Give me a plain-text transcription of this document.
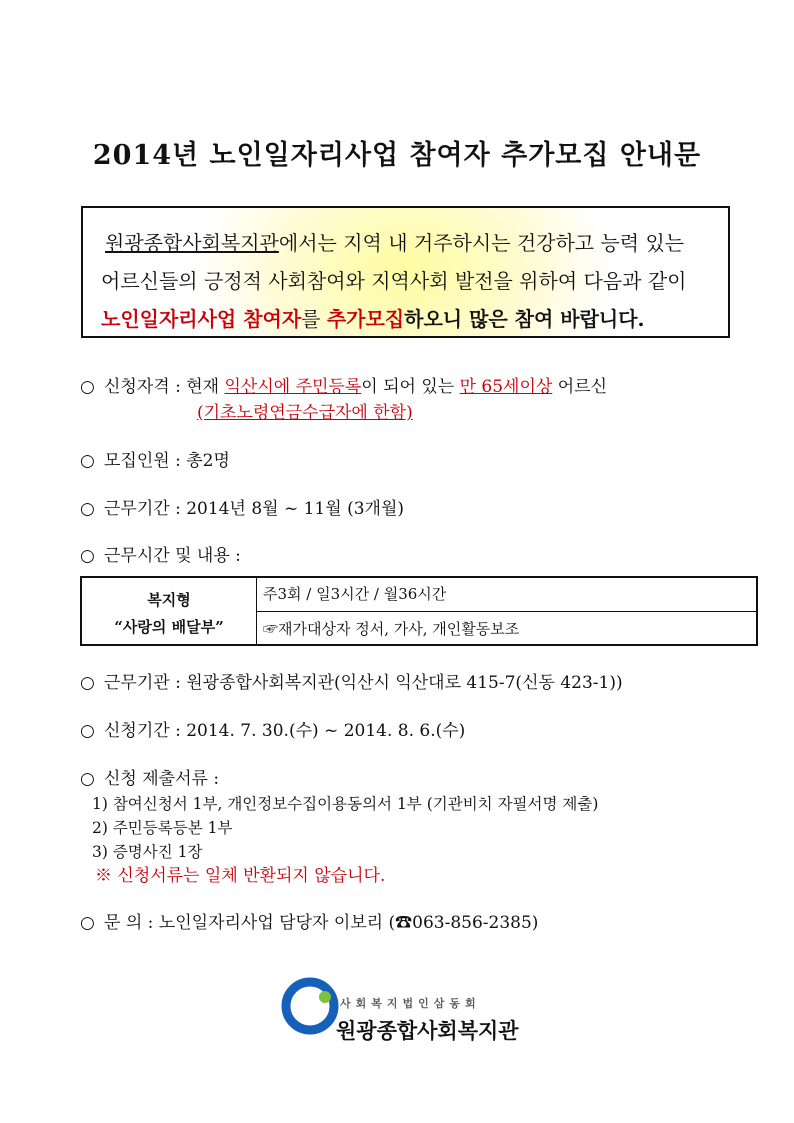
2014년 노인일자리사업 참여자 추가모집 안내문
원광종합사회복지관에서는 지역 내 거주하시는 건강하고 능력 있는
어르신들의 긍정적 사회참여와 지역사회 발전을 위하여 다음과 같이
노인일자리사업 참여자를 추가모집하오니 많은 참여 바랍니다.
○ 신청자격 : 현재 익산시에 주민등록이 되어 있는 만 65세이상 어르신
(기초노령연금수급자에 한함)
○ 모집인원 : 총2명
○ 근무기간 : 2014년 8월 ~ 11월 (3개월)
○ 근무시간 및 내용 :
복지형
“사랑의 배달부”
주3회 / 일3시간 / 월36시간
☞재가대상자 정서, 가사, 개인활동보조
○ 근무기관 : 원광종합사회복지관(익산시 익산대로 415-7(신동 423-1))
○ 신청기간 : 2014. 7. 30.(수) ~ 2014. 8. 6.(수)
○ 신청 제출서류 :
1) 참여신청서 1부, 개인정보수집이용동의서 1부 (기관비치 자필서명 제출)
2) 주민등록등본 1부
3) 증명사진 1장
※ 신청서류는 일체 반환되지 않습니다.
○ 문 의 : 노인일자리사업 담당자 이보리 (☎063-856-2385)
사회복지법인삼동회
원광종합사회복지관
